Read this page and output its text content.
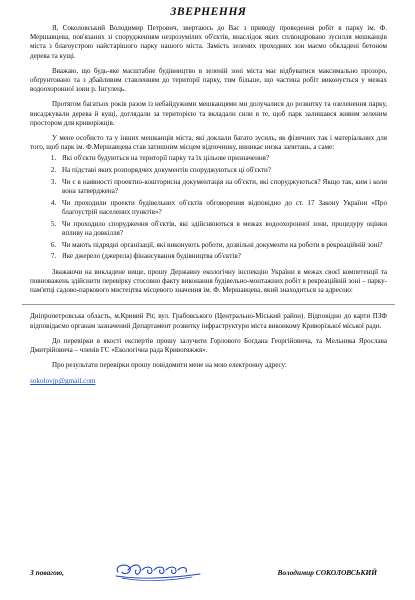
ЗВЕРНЕННЯ

Я, Соколовський Володимир Петрович, звертаюсь до Вас з приводу проведення робіт в парку ім. Ф. Мершавцева, пов'язаних зі спорудженням незрозумілих об'єктів, внаслідок яких сплюндровано зусилля мешканців міста з благоустрою найстарішого парку нашого міста. Замість зелених проходних зон маємо обкладені бетоном дерева та кущі.

Вважаю, що будь-яке масштабне будівництво в зеленій зоні міста має відбуватися максимально прозоро, обґрунтовано та з дбайливим ставленням до території парку, тим більше, що частина робіт виконується у межах водоохоронної зони р. Інгулець.

Протягом багатьох років разом із небайдужими мешканцями ми долучалися до розвитку та озеленення парку, висаджували дерева й кущі, доглядали за територією та вкладали сили в те, щоб парк залишався живим зеленим простором для криворіжців.

У мене особисто та у інших мешканців міста, які доклали багато зусиль, як фізичних так і матеріальних для того, щоб парк ім. Ф.Мершавцева став затишним місцем відпочинку, виникає низка запитань, а саме:

1. Які об'єкти будуються на території парку та їх цільове призначення?
2. На підставі яких розпорядчих документів споруджуються ці об'єкти?
3. Чи є в наявності проектно-кошторисна документація на об'єкти, які споруджуються? Якщо так, ким і коли вона затверджена?
4. Чи проходили проекти будівельних об'єктів обговорення відповідно до ст. 17 Закону України «Про благоустрій населених пунктів»?
5. Чи проходило спорудження об'єктів, які здійснюються в межах водоохоронної зони, процедуру оцінки впливу на довкілля?
6. Чи мають підрядні організації, які виконують роботи, дозвільні документи на роботи в рекреаційній зоні?
7. Яке джерело (джерела) фінансування будівництва об'єктів?

Зважаючи на викладене вище, прошу Державну екологічну інспекцію України в межах своєї компетенції та повноважень здійснити перевірку стосовно факту виконання будівельно-монтажних робіт в рекреаційній зоні – парку-пам'ятці садово-паркового мистецтва місцевого значення ім. Ф. Мершавцева, який знаходиться за адресою:

Дніпропетровська область, м.Кривий Ріг, вул. Грабовського (Центрально-Міський район). Відповідно до карти ПЗФ відповідаємо органам зазначений Департамент розвитку інфраструктури міста виконкому Криворізької міської ради.

До перевірки в якості експертів прошу залучити Горлового Богдана Георгійовича, та Мельника Ярослава Дмитрійовича – членів ГС «Екологічна рада Кривоґяжжя».

Про результати перевірки прошу повідомити мене на мою електронну адресу:

sokolovjp@gmail.com
З повагою,	Володимир СОКОЛОВСЬКИЙ
